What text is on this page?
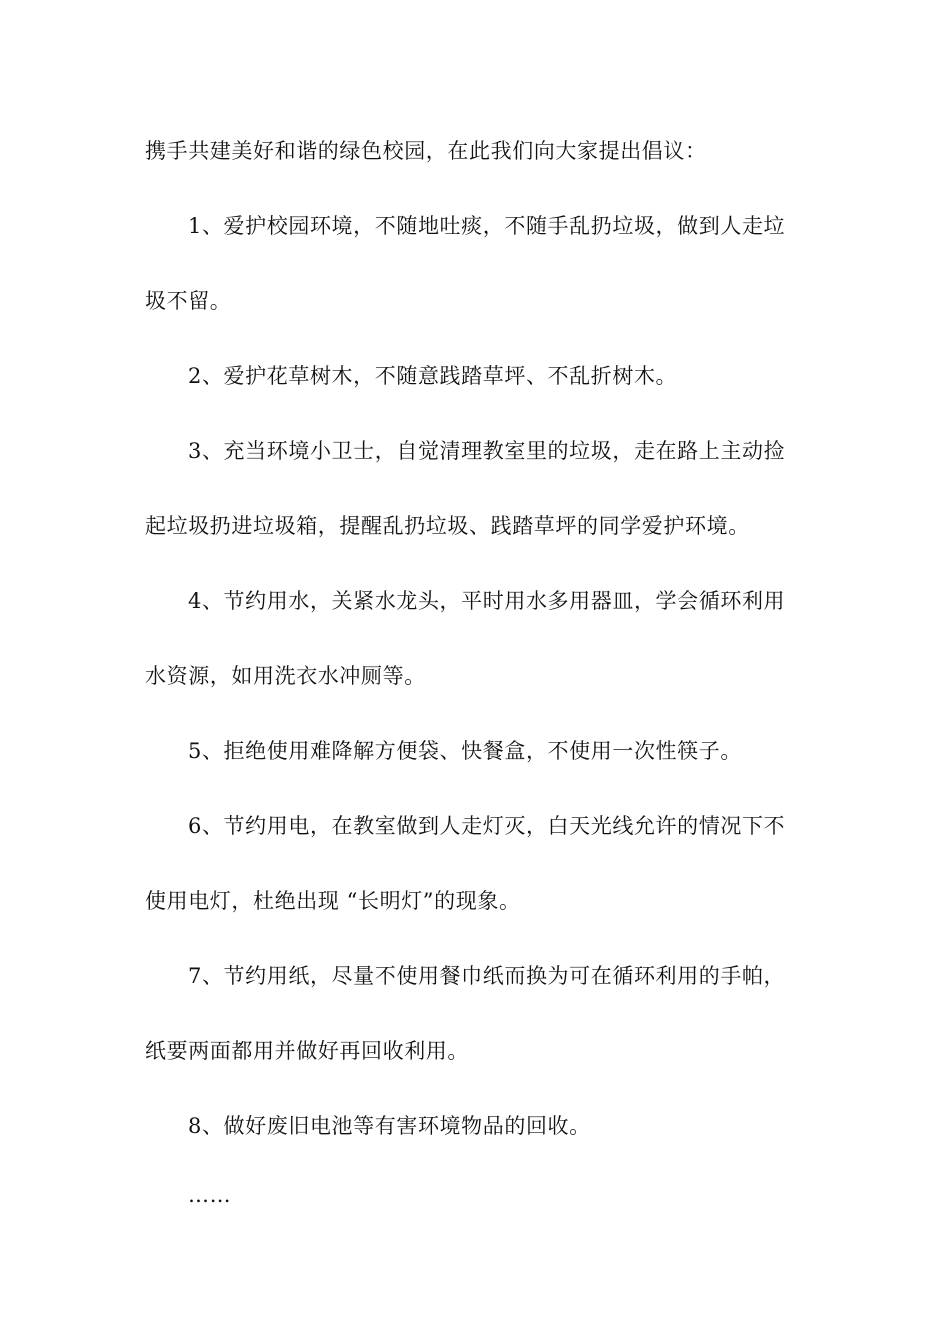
携手共建美好和谐的绿色校园，在此我们向大家提出倡议：
1、爱护校园环境，不随地吐痰，不随手乱扔垃圾，做到人走垃
圾不留。
2、爱护花草树木，不随意践踏草坪、不乱折树木。
3、充当环境小卫士，自觉清理教室里的垃圾，走在路上主动捡
起垃圾扔进垃圾箱，提醒乱扔垃圾、践踏草坪的同学爱护环境。
4、节约用水，关紧水龙头，平时用水多用器皿，学会循环利用
水资源，如用洗衣水冲厕等。
5、拒绝使用难降解方便袋、快餐盒，不使用一次性筷子。
6、节约用电，在教室做到人走灯灭，白天光线允许的情况下不
使用电灯，杜绝出现 “长明灯”的现象。
7、节约用纸，尽量不使用餐巾纸而换为可在循环利用的手帕，
纸要两面都用并做好再回收利用。
8、做好废旧电池等有害环境物品的回收。
……
